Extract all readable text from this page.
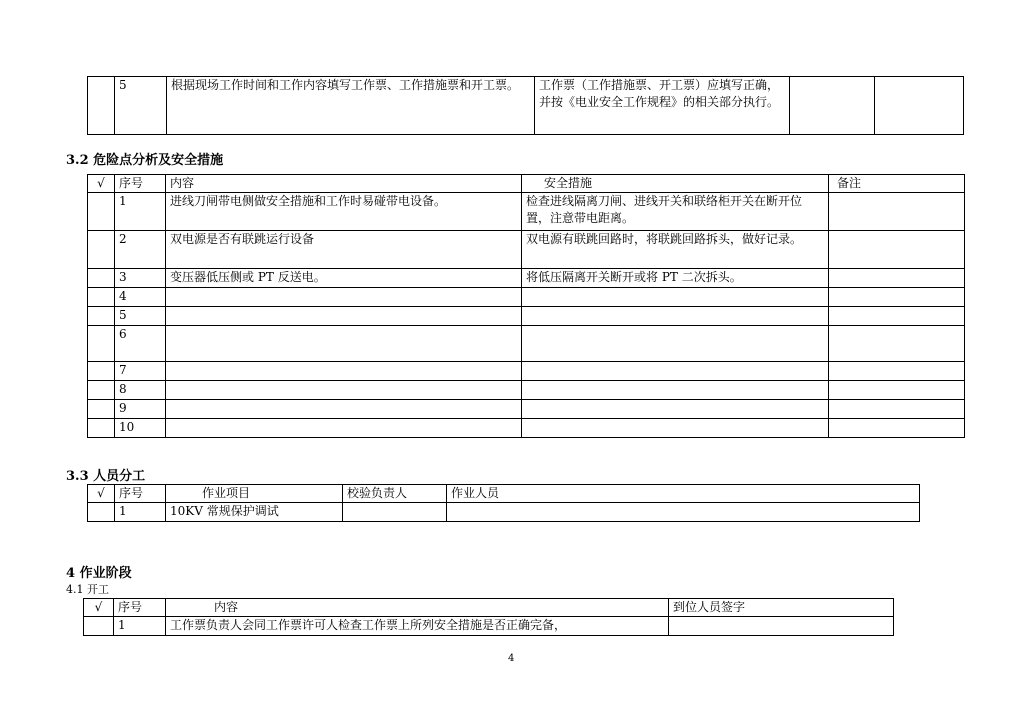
	5	根据现场工作时间和工作内容填写工作票、工作措施票和开工票。	工作票（工作措施票、开工票）应填写正确，并按《电业安全工作规程》的相关部分执行。		
3.2 危险点分析及安全措施
√	序号	内容	安全措施	备注
	1	进线刀闸带电侧做安全措施和工作时易碰带电设备。	检查进线隔离刀闸、进线开关和联络柜开关在断开位置，注意带电距离。	
	2	双电源是否有联跳运行设备	双电源有联跳回路时，将联跳回路拆头，做好记录。	
	3	变压器低压侧或 PT 反送电。	将低压隔离开关断开或将 PT 二次拆头。	
	4			
	5			
	6			
	7			
	8			
	9			
	10			
3.3 人员分工
√	序号	作业项目	校验负责人	作业人员
	1	10KV 常规保护调试		
4 作业阶段
4.1 开工
√	序号	内容	到位人员签字
	1	工作票负责人会同工作票许可人检查工作票上所列安全措施是否正确完备，	
4
